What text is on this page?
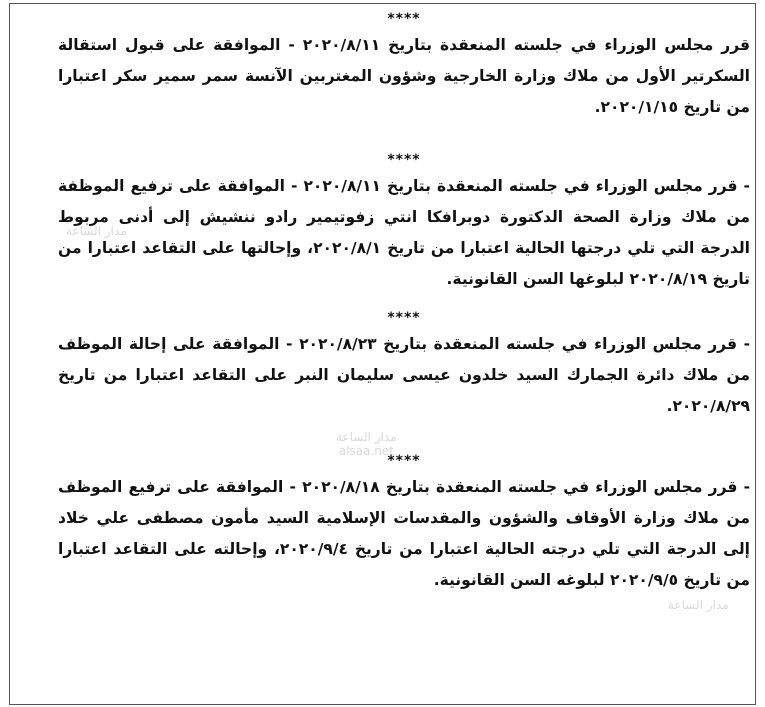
مدار الساعة
مدار الساعة
alsaa.net
مدار الساعة
****

قرر مجلس الوزراء في جلسته المنعقدة بتاريخ ٢٠٢٠/٨/١١ - الموافقة على قبول استقالة السكرتير الأول من ملاك وزارة الخارجية وشؤون المغتربين الآنسة سمر سمير سكر اعتبارا من تاريخ ٢٠٢٠/١/١٥.

****

- قرر مجلس الوزراء في جلسته المنعقدة بتاريخ ٢٠٢٠/٨/١١ - الموافقة على ترفيع الموظفة من ملاك وزارة الصحة الدكتورة دوبرافكا انتي زفوتيمير رادو ننشيش إلى أدنى مربوط الدرجة التي تلي درجتها الحالية اعتبارا من تاريخ ٢٠٢٠/٨/١، وإحالتها على التقاعد اعتبارا من تاريخ ٢٠٢٠/٨/١٩ لبلوغها السن القانونية.

****

- قرر مجلس الوزراء في جلسته المنعقدة بتاريخ ٢٠٢٠/٨/٢٣ - الموافقة على إحالة الموظف من ملاك دائرة الجمارك السيد خلدون عيسى سليمان النبر على التقاعد اعتبارا من تاريخ ٢٠٢٠/٨/٢٩.

****

- قرر مجلس الوزراء في جلسته المنعقدة بتاريخ ٢٠٢٠/٨/١٨ - الموافقة على ترفيع الموظف من ملاك وزارة الأوقاف والشؤون والمقدسات الإسلامية السيد مأمون مصطفى علي خلاد إلى الدرجة التي تلي درجته الحالية اعتبارا من تاريخ ٢٠٢٠/٩/٤، وإحالته على التقاعد اعتبارا من تاريخ ٢٠٢٠/٩/٥ لبلوغه السن القانونية.
